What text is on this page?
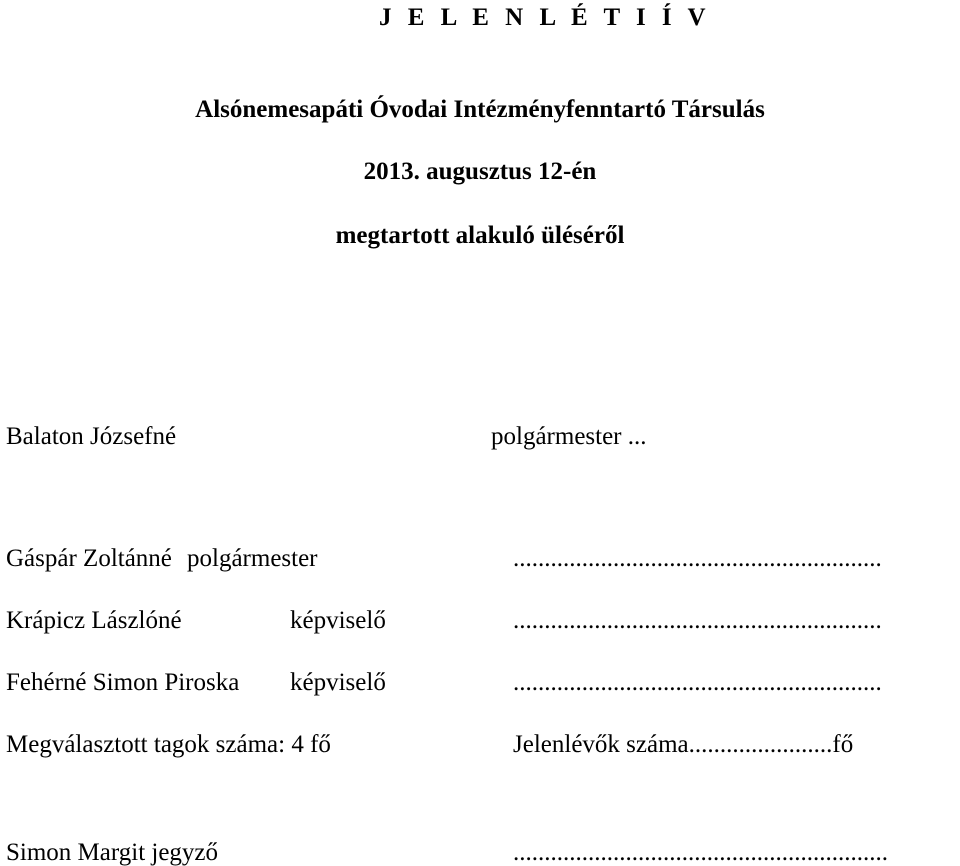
J E L E N L É T I Í V
Alsónemesapáti Óvodai Intézményfenntartó Társulás
2013. augusztus 12-én
megtartott alakuló üléséről
Balaton Józsefné	polgármester ...
Gáspár Zoltánné polgármester	...........................................................
Krápicz Lászlóné	képviselő	...........................................................
Fehérné Simon Piroska képviselő	...........................................................
Megválasztott tagok száma: 4 fő	Jelenlévők száma.......................fő
Simon Margit jegyző	............................................................
